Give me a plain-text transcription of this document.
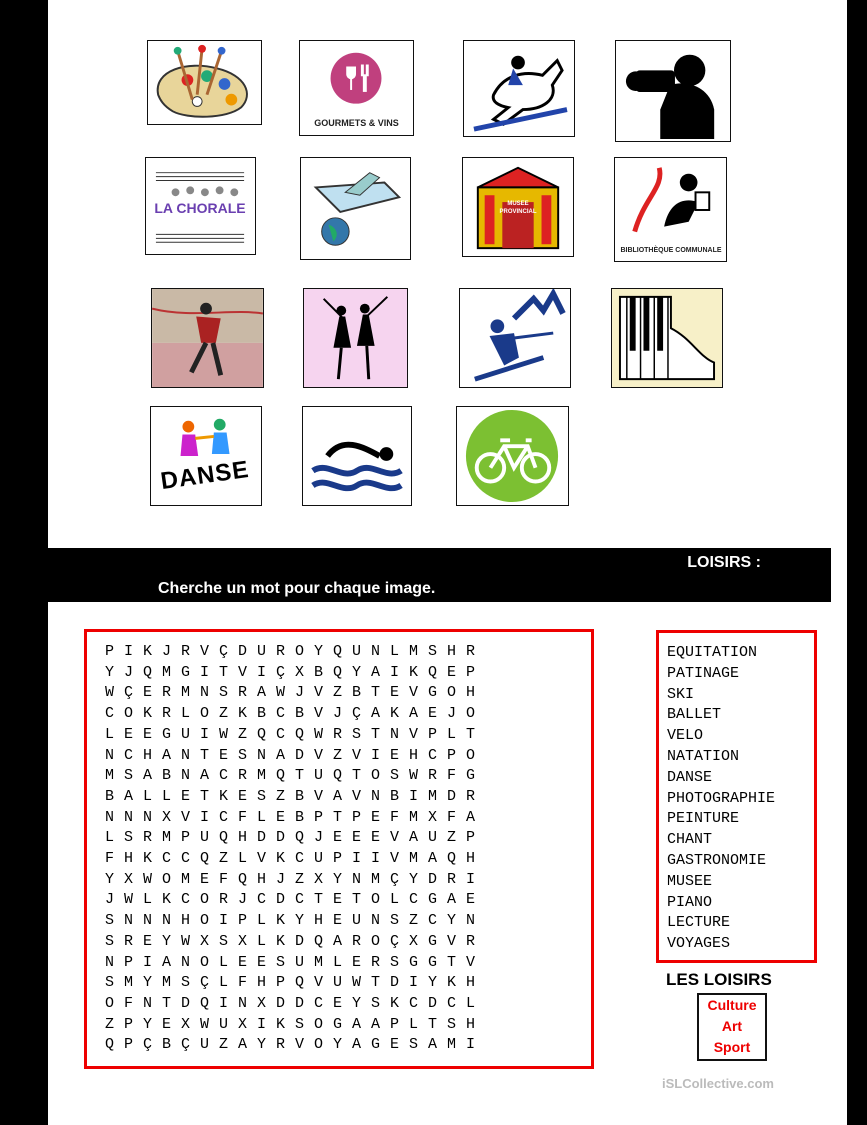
GOURMETS & VINS
LA CHORALE	MUSEE PROVINCIAL
BIBLIOTHÈQUE COMMUNALE
DANSE
LOISIRS :
Cherche un mot pour chaque image.
P I K J R V Ç D U R O Y Q U N L M S H R
Y J Q M G I T V I Ç X B Q Y A I K Q E P
W Ç E R M N S R A W J V Z B T E V G O H
C O K R L O Z K B C B V J Ç A K A E J O
L E E G U I W Z Q C Q W R S T N V P L T
N C H A N T E S N A D V Z V I E H C P O
M S A B N A C R M Q T U Q T O S W R F G
B A L L E T K E S Z B V A V N B I M D R
N N N X V I C F L E B P T P E F M X F A
L S R M P U Q H D D Q J E E E V A U Z P
F H K C C Q Z L V K C U P I I V M A Q H
Y X W O M E F Q H J Z X Y N M Ç Y D R I
J W L K C O R J C D C T E T O L C G A E
S N N N H O I P L K Y H E U N S Z C Y N
S R E Y W X S X L K D Q A R O Ç X G V R
N P I A N O L E E S U M L E R S G G T V
S M Y M S Ç L F H P Q V U W T D I Y K H
O F N T D Q I N X D D C E Y S K C D C L
Z P Y E X W U X I K S O G A A P L T S H
Q P Ç B Ç U Z A Y R V O Y A G E S A M I
EQUITATION
PATINAGE
SKI
BALLET
VELO
NATATION
DANSE
PHOTOGRAPHIE
PEINTURE
CHANT
GASTRONOMIE
MUSEE
PIANO
LECTURE
VOYAGES
LES LOISIRS
Culture
Art
Sport
iSLCollective.com
